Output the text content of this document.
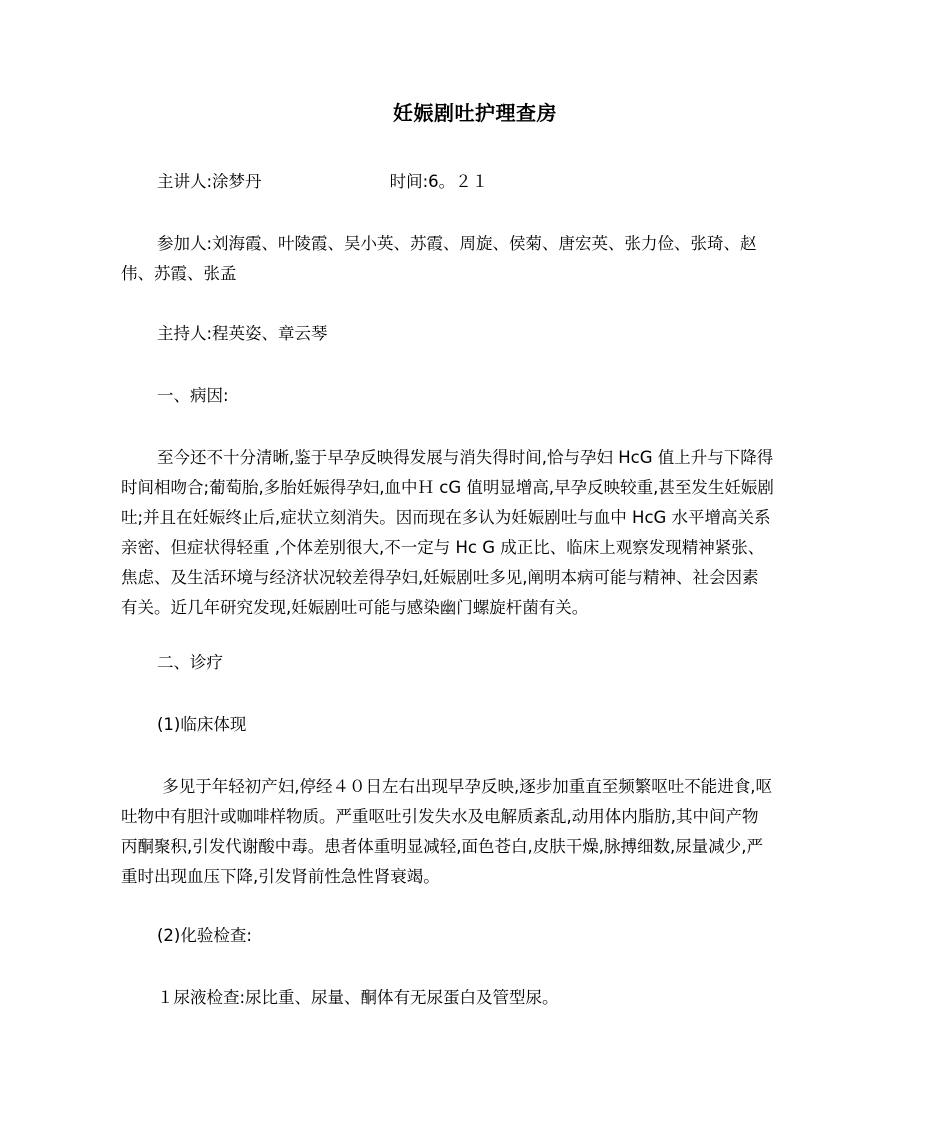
妊娠剧吐护理查房
主讲人:涂梦丹	时间:6。２１
参加人:刘海霞、叶陵霞、吴小英、苏霞、周旋、侯菊、唐宏英、张力俭、张琦、赵
伟、苏霞、张孟
主持人:程英姿、章云琴
一、病因:
至今还不十分清晰,鉴于早孕反映得发展与消失得时间,恰与孕妇 HcG 值上升与下降得
时间相吻合;葡萄胎,多胎妊娠得孕妇,血中Ｈ cG 值明显增高,早孕反映较重,甚至发生妊娠剧
吐;并且在妊娠终止后,症状立刻消失。因而现在多认为妊娠剧吐与血中 HcG 水平增高关系
亲密、但症状得轻重 ,个体差别很大,不一定与 Hc G 成正比、临床上观察发现精神紧张、
焦虑、及生活环境与经济状况较差得孕妇,妊娠剧吐多见,阐明本病可能与精神、社会因素
有关。近几年研究发现,妊娠剧吐可能与感染幽门螺旋杆菌有关。
二、诊疗
(1)临床体现
多见于年轻初产妇,停经４０日左右出现早孕反映,逐步加重直至频繁呕吐不能进食,呕
吐物中有胆汁或咖啡样物质。严重呕吐引发失水及电解质紊乱,动用体内脂肪,其中间产物
丙酮聚积,引发代谢酸中毒。患者体重明显减轻,面色苍白,皮肤干燥,脉搏细数,尿量减少,严
重时出现血压下降,引发肾前性急性肾衰竭。
(2)化验检查:
１尿液检查:尿比重、尿量、酮体有无尿蛋白及管型尿。
